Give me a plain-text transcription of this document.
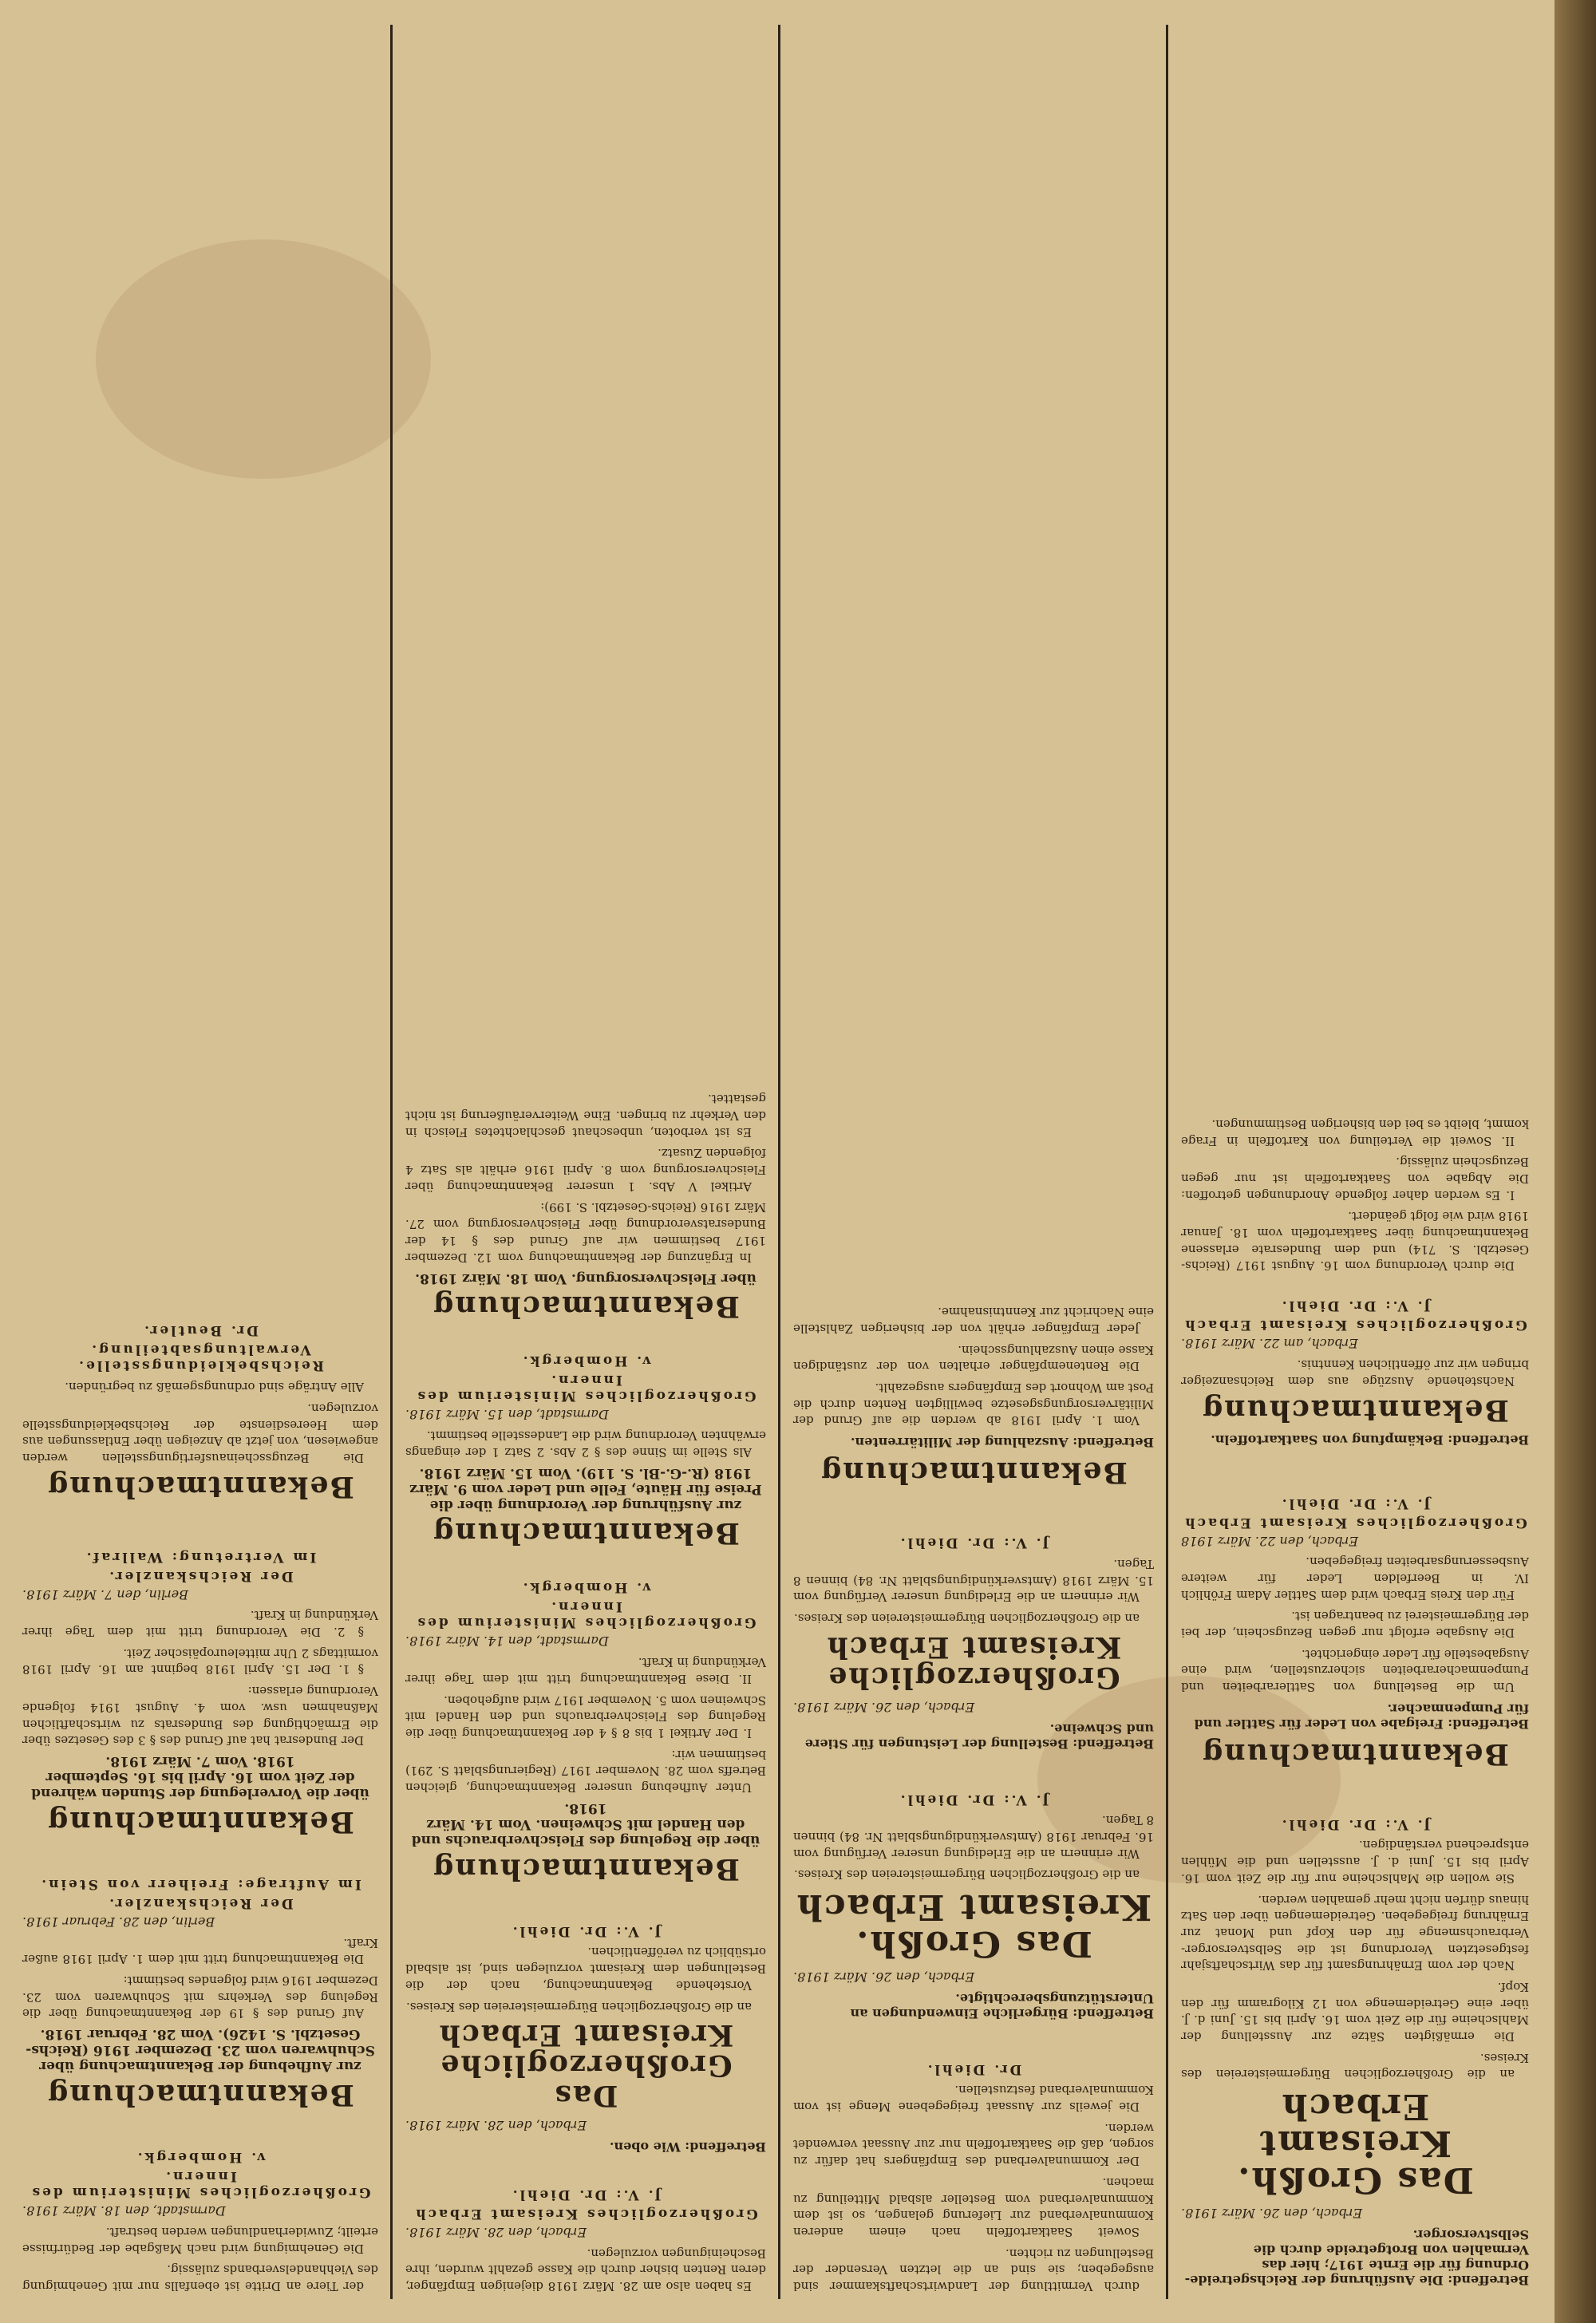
Betreffend: Die Ausführung der Reichsgetreide-Ordnung für die Ernte 1917; hier das Vermahlen von Brotgetreide durch die Selbstversorger.
Erbach, den 26. März 1918.
Das Großh. Kreisamt Erbach

an die Großherzoglichen Bürgermeistereien des Kreises.

Die ermäßigten Sätze zur Ausstellung der Mahlscheine für die Zeit vom 16. April bis 15. Juni d. J. über eine Getreidemenge von 12 Kilogramm für den Kopf.

Nach der vom Ernährungsamt für das Wirtschaftsjahr festgesetzten Verordnung ist die Selbstversorger-Verbrauchsmenge für den Kopf und Monat zur Ernährung freigegeben. Getreidemengen über den Satz hinaus dürfen nicht mehr gemahlen werden.

Sie wollen die Mahlscheine nur für die Zeit vom 16. April bis 15. Juni d. J. ausstellen und die Mühlen entsprechend verständigen.

J. V.: Dr. Diehl.
Bekanntmachung
Betreffend: Freigabe von Leder für Sattler und für Pumpenmacher.

Um die Bestellung von Sattlerarbeiten und Pumpenmacherarbeiten sicherzustellen, wird eine Ausgabestelle für Leder eingerichtet.

Die Ausgabe erfolgt nur gegen Bezugschein, der bei der Bürgermeisterei zu beantragen ist.

Für den Kreis Erbach wird dem Sattler Adam Fröhlich IV. in Beerfelden Leder für weitere Ausbesserungsarbeiten freigegeben.

Erbach, den 22. März 1918
Großherzogliches Kreisamt Erbach
J. V.: Dr. Diehl.
Betreffend: Bekämpfung von Saatkartoffeln.
Bekanntmachung

Nachstehende Auszüge aus dem Reichsanzeiger bringen wir zur öffentlichen Kenntnis.

Erbach, am 22. März 1918.
Großherzogliches Kreisamt Erbach
J. V.: Dr. Diehl.

Die durch Verordnung vom 16. August 1917 (Reichs-Gesetzbl. S. 714) und dem Bundesrate erlassene Bekanntmachung über Saatkartoffeln vom 18. Januar 1918 wird wie folgt geändert.

I. Es werden daher folgende Anordnungen getroffen: Die Abgabe von Saatkartoffeln ist nur gegen Bezugschein zulässig.

II. Soweit die Verteilung von Kartoffeln in Frage kommt, bleibt es bei den bisherigen Bestimmungen.

durch Vermittlung der Landwirtschaftskammer sind ausgegeben; sie sind an die letzten Versender der Bestellungen zu richten.

Soweit Saatkartoffeln nach einem anderen Kommunalverband zur Lieferung gelangen, so ist dem Kommunalverband vom Besteller alsbald Mitteilung zu machen.

Der Kommunalverband des Empfängers hat dafür zu sorgen, daß die Saatkartoffeln nur zur Aussaat verwendet werden.

Die jeweils zur Aussaat freigegebene Menge ist vom Kommunalverband festzustellen.

Dr. Diehl.
Betreffend: Bürgerliche Einwendungen an Unterstützungsberechtigte.
Erbach, den 26. März 1918.
Das Großh. Kreisamt Erbach

an die Großherzoglichen Bürgermeistereien des Kreises.

Wir erinnern an die Erledigung unserer Verfügung vom 16. Februar 1918 (Amtsverkündigungsblatt Nr. 84) binnen 8 Tagen.

J. V.: Dr. Diehl.
Betreffend: Bestellung der Leistungen für Stiere und Schweine.
Erbach, den 26. März 1918.
Großherzogliche Kreisamt Erbach

an die Großherzoglichen Bürgermeistereien des Kreises.

Wir erinnern an die Erledigung unserer Verfügung vom 15. März 1918 (Amtsverkündigungsblatt Nr. 84) binnen 8 Tagen.

J. V.: Dr. Diehl.
Bekanntmachung
Betreffend: Auszahlung der Militärrenten.

Vom 1. April 1918 ab werden die auf Grund der Militärversorgungsgesetze bewilligten Renten durch die Post am Wohnort des Empfängers ausgezahlt.

Die Rentenempfänger erhalten von der zuständigen Kasse einen Auszahlungsschein.

Jeder Empfänger erhält von der bisherigen Zahlstelle eine Nachricht zur Kenntnisnahme.

Es haben also am 28. März 1918 diejenigen Empfänger, deren Renten bisher durch die Kasse gezahlt wurden, ihre Bescheinigungen vorzulegen.

Erbach, den 28. März 1918.
Großherzogliches Kreisamt Erbach
J. V.: Dr. Diehl.
Betreffend: Wie oben.
Erbach, den 28. März 1918.
Das Großherzogliche Kreisamt Erbach

an die Großherzoglichen Bürgermeistereien des Kreises.

Vorstehende Bekanntmachung, nach der die Bestellungen dem Kreisamt vorzulegen sind, ist alsbald ortsüblich zu veröffentlichen.

J. V.: Dr. Diehl.
Bekanntmachung
über die Regelung des Fleischverbrauchs und den Handel mit Schweinen. Vom 14. März 1918.

Unter Aufhebung unserer Bekanntmachung, gleichen Betreffs vom 28. November 1917 (Regierungsblatt S. 291) bestimmen wir:

I. Der Artikel 1 bis 8 § 4 der Bekanntmachung über die Regelung des Fleischverbrauchs und den Handel mit Schweinen vom 5. November 1917 wird aufgehoben.

II. Diese Bekanntmachung tritt mit dem Tage ihrer Verkündung in Kraft.

Darmstadt, den 14. März 1918.
Großherzogliches Ministerium des Innern.
v. Hombergk.
Bekanntmachung
zur Ausführung der Verordnung über die Preise für Häute, Felle und Leder vom 9. März 1918 (R.-G.-Bl. S. 119). Vom 15. März 1918.

Als Stelle im Sinne des § 2 Abs. 2 Satz 1 der eingangs erwähnten Verordnung wird die Landesstelle bestimmt.

Darmstadt, den 15. März 1918.
Großherzogliches Ministerium des Innern.
v. Hombergk.
Bekanntmachung
über Fleischversorgung. Vom 18. März 1918.

In Ergänzung der Bekanntmachung vom 12. Dezember 1917 bestimmen wir auf Grund des § 14 der Bundesratsverordnung über Fleischversorgung vom 27. März 1916 (Reichs-Gesetzbl. S. 199):

Artikel V Abs. 1 unserer Bekanntmachung über Fleischversorgung vom 8. April 1916 erhält als Satz 4 folgenden Zusatz.

Es ist verboten, unbeschaut geschlachtetes Fleisch in den Verkehr zu bringen. Eine Weiterveräußerung ist nicht gestattet.

der Tiere an Dritte ist ebenfalls nur mit Genehmigung des Viehhandelsverbands zulässig.

Die Genehmigung wird nach Maßgabe der Bedürfnisse erteilt; Zuwiderhandlungen werden bestraft.

Darmstadt, den 18. März 1918.
Großherzogliches Ministerium des Innern.
v. Hombergk.
Bekanntmachung
zur Aufhebung der Bekanntmachung über Schuhwaren vom 23. Dezember 1916 (Reichs-Gesetzbl. S. 1426). Vom 28. Februar 1918.

Auf Grund des § 19 der Bekanntmachung über die Regelung des Verkehrs mit Schuhwaren vom 23. Dezember 1916 wird folgendes bestimmt:

Die Bekanntmachung tritt mit dem 1. April 1918 außer Kraft.

Berlin, den 28. Februar 1918.
Der Reichskanzler.
Im Auftrage: Freiherr von Stein.
Bekanntmachung
über die Vorverlegung der Stunden während der Zeit vom 16. April bis 16. September 1918. Vom 7. März 1918.

Der Bundesrat hat auf Grund des § 3 des Gesetzes über die Ermächtigung des Bundesrats zu wirtschaftlichen Maßnahmen usw. vom 4. August 1914 folgende Verordnung erlassen:

§ 1. Der 15. April 1918 beginnt am 16. April 1918 vormittags 2 Uhr mitteleuropäischer Zeit.

§ 2. Die Verordnung tritt mit dem Tage ihrer Verkündung in Kraft.

Berlin, den 7. März 1918.
Der Reichskanzler.
Im Vertretung: Wallraf.
Bekanntmachung

Die Bezugsscheinausfertigungsstellen werden angewiesen, von jetzt ab Anzeigen über Entlassungen aus dem Heeresdienste der Reichsbekleidungsstelle vorzulegen.

Alle Anträge sind ordnungsgemäß zu begründen.

Reichsbekleidungsstelle. Verwaltungsabteilung.
Dr. Beutler.
